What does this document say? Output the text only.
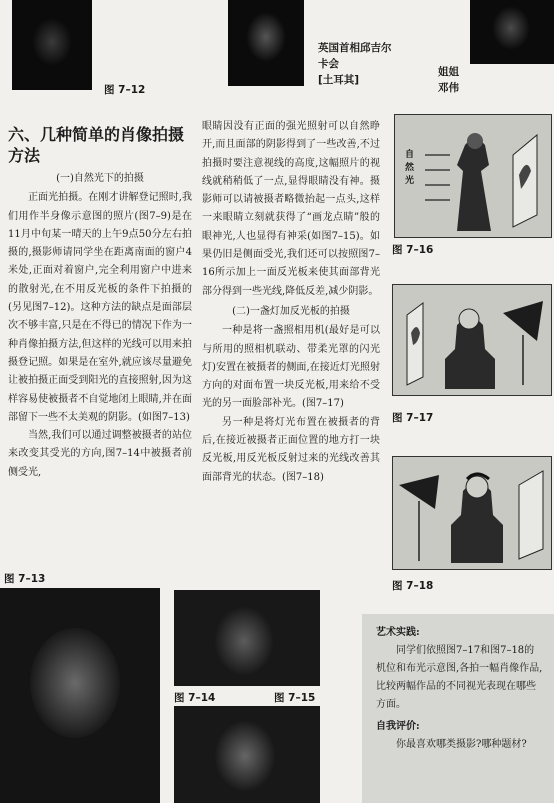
图 7–12
英国首相邱吉尔
卡会
[土耳其]
姐姐
邓伟
六、几种简单的肖像拍摄
方法

(一)自然光下的拍摄

正面光拍摄。在刚才讲解登记照时,我们用作半身像示意图的照片(图7–9)是在11月中旬某一晴天的上午9点50分左右拍摄的,摄影师请同学坐在距离南面的窗户4米处,正面对着窗户,完全利用窗户中进来的散射光,在不用反光板的条件下拍摄的(另见图7–12)。这种方法的缺点是面部层次不够丰富,只是在不得已的情况下作为一种肖像拍摄方法,但这样的光线可以用来拍摄登记照。如果是在室外,就应该尽量避免让被拍摄正面受到阳光的直接照射,因为这样容易使被摄者不自觉地闭上眼睛,并在面部留下一些不太美观的阴影。(如图7–13)

当然,我们可以通过调整被摄者的站位来改变其受光的方向,图7–14中被摄者前侧受光,

眼睛因没有正面的强光照射可以自然睁开,而且面部的阴影得到了一些改善,不过拍摄时要注意视线的高度,这幅照片的视线就稍稍低了一点,显得眼睛没有神。摄影师可以请被摄者略微抬起一点头,这样一来眼睛立刻就获得了“画龙点睛”般的眼神光,人也显得有神采(如图7–15)。如果仍旧是侧面受光,我们还可以按照图7–16所示加上一面反光板来使其面部背光部分得到一些光线,降低反差,减少阴影。

(二)一盏灯加反光板的拍摄

一种是将一盏照相用机(最好是可以与所用的照相机联动、带柔光罩的闪光灯)安置在被摄者的侧面,在接近灯光照射方向的对面布置一块反光板,用来给不受光的另一面脸部补光。(图7–17)

另一种是将灯光布置在被摄者的背后,在接近被摄者正面位置的地方打一块反光板,用反光板反射过来的光线改善其面部背光的状态。(图7–18)

自然光
图 7–16
图 7–17
图 7–18
图 7–13
图 7–14	图 7–15

艺术实践:

同学们依照图7–17和图7–18的机位和布光示意图,各拍一幅肖像作品,比较两幅作品的不同视光表现在哪些方面。

自我评价:

你最喜欢哪类摄影?哪种题材?
